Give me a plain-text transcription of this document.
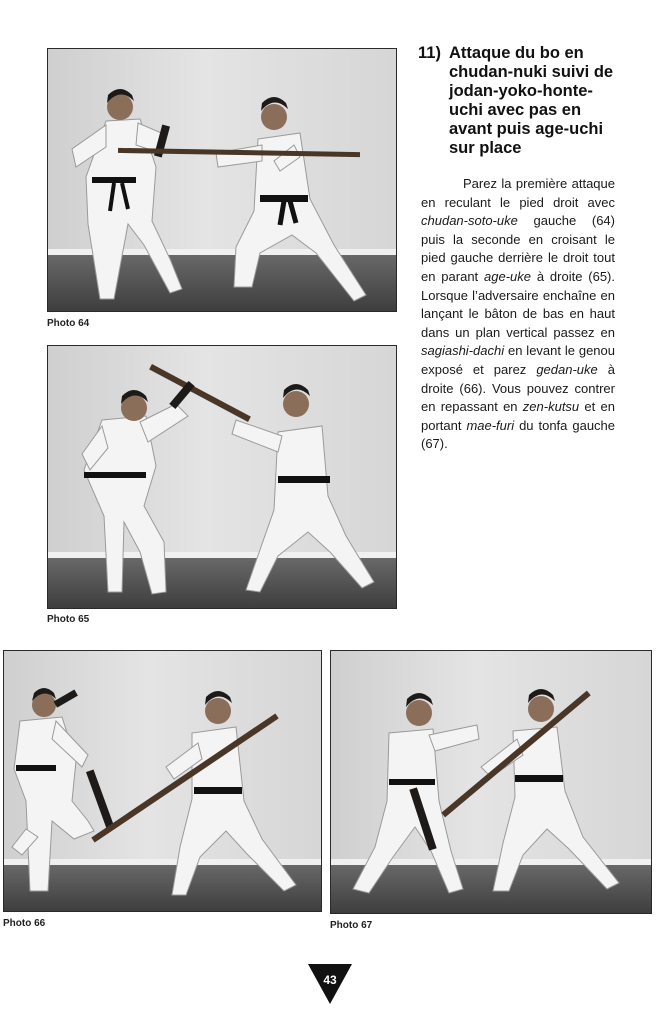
Photo 64
Photo 65
Photo 66	Photo 67
11) Attaque du bo en chudan-nuki suivi de jodan-yoko-honte-uchi avec pas en avant puis age-uchi sur place
Parez la première attaque en reculant le pied droit avec chudan-soto-uke gauche (64) puis la seconde en croisant le pied gauche derrière le droit tout en parant age-uke à droite (65). Lorsque l’adversaire enchaîne en lançant le bâton de bas en haut dans un plan vertical passez en sagiashi-dachi en levant le genou exposé et parez gedan-uke à droite (66). Vous pouvez contrer en repassant en zen-kutsu et en portant mae-furi du tonfa gauche (67).
43
